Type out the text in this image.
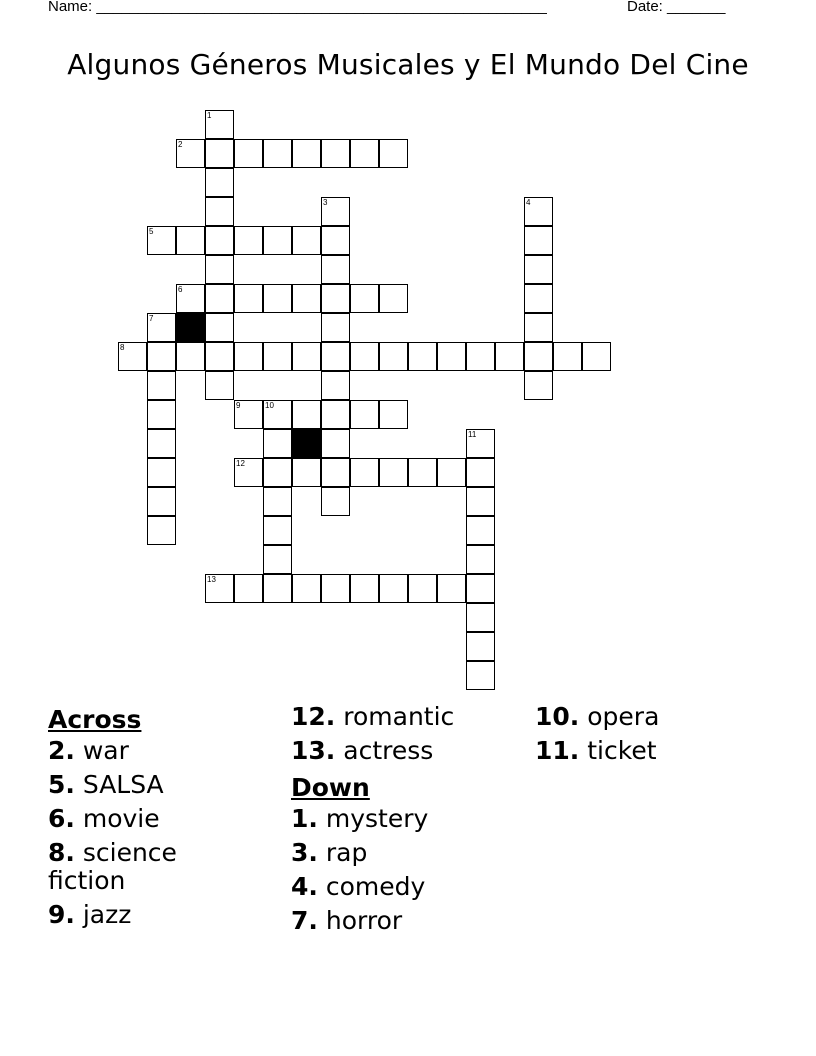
Name: ______________________________________________________	Date: _______
Algunos Géneros Musicales y El Mundo Del Cine
2
5
6
8
9	10
12
13
1
3	4
7
11
Across
2. war
5. SALSA
6. movie
8. science fiction
9. jazz
12. romantic
13. actress
Down
1. mystery
3. rap
4. comedy
7. horror
10. opera
11. ticket
